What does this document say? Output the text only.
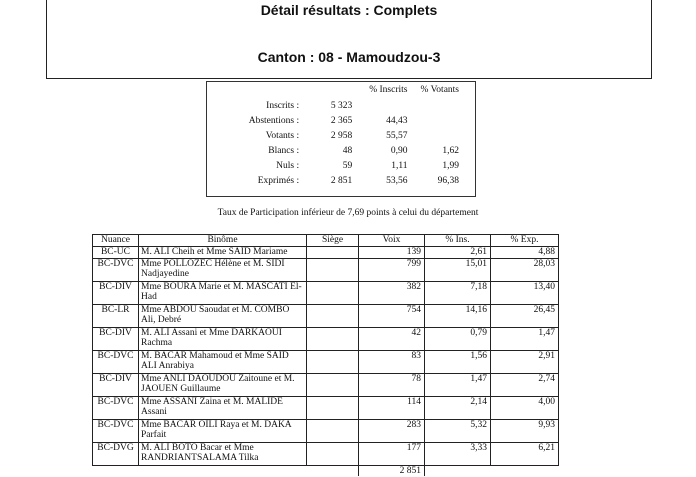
Détail résultats : Complets
Canton : 08 - Mamoudzou-3
		% Inscrits	% Votants
Inscrits :	5 323		
Abstentions :	2 365	44,43	
Votants :	2 958	55,57	
Blancs :	48	0,90	1,62
Nuls :	59	1,11	1,99
Exprimés :	2 851	53,56	96,38
Taux de Participation inférieur de 7,69 points à celui du département
Nuance	Binôme	Siège	Voix	% Ins.	% Exp.
BC-UC	M. ALI Cheih et Mme SAID Mariame		139	2,61	4,88
BC-DVC	Mme POLLOZEC Hélène et M. SIDI Nadjayedine		799	15,01	28,03
BC-DIV	Mme BOURA Marie et M. MASCATI El-Had		382	7,18	13,40
BC-LR	Mme ABDOU Saoudat et M. COMBO Ali, Debré		754	14,16	26,45
BC-DIV	M. ALI Assani et Mme DARKAOUI Rachma		42	0,79	1,47
BC-DVC	M. BACAR Mahamoud et Mme SAID ALI Anrabiya		83	1,56	2,91
BC-DIV	Mme ANLI DAOUDOU Zaitoune et M. JAOUEN Guillaume		78	1,47	2,74
BC-DVC	Mme ASSANI Zaina et M. MALIDE Assani		114	2,14	4,00
BC-DVC	Mme BACAR OILI Raya et M. DAKA Parfait		283	5,32	9,93
BC-DVG	M. ALI BOTO Bacar et Mme RANDRIANTSALAMA Tilka		177	3,33	6,21
			2 851		
